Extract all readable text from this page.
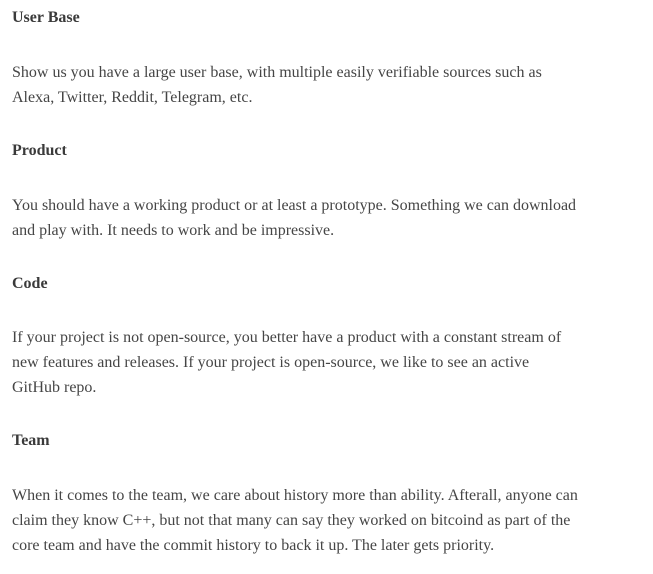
User Base
Show us you have a large user base, with multiple easily verifiable sources such as
Alexa, Twitter, Reddit, Telegram, etc.
Product
You should have a working product or at least a prototype. Something we can download
and play with. It needs to work and be impressive.
Code
If your project is not open-source, you better have a product with a constant stream of
new features and releases. If your project is open-source, we like to see an active
GitHub repo.
Team
When it comes to the team, we care about history more than ability. Afterall, anyone can
claim they know C++, but not that many can say they worked on bitcoind as part of the
core team and have the commit history to back it up. The later gets priority.
